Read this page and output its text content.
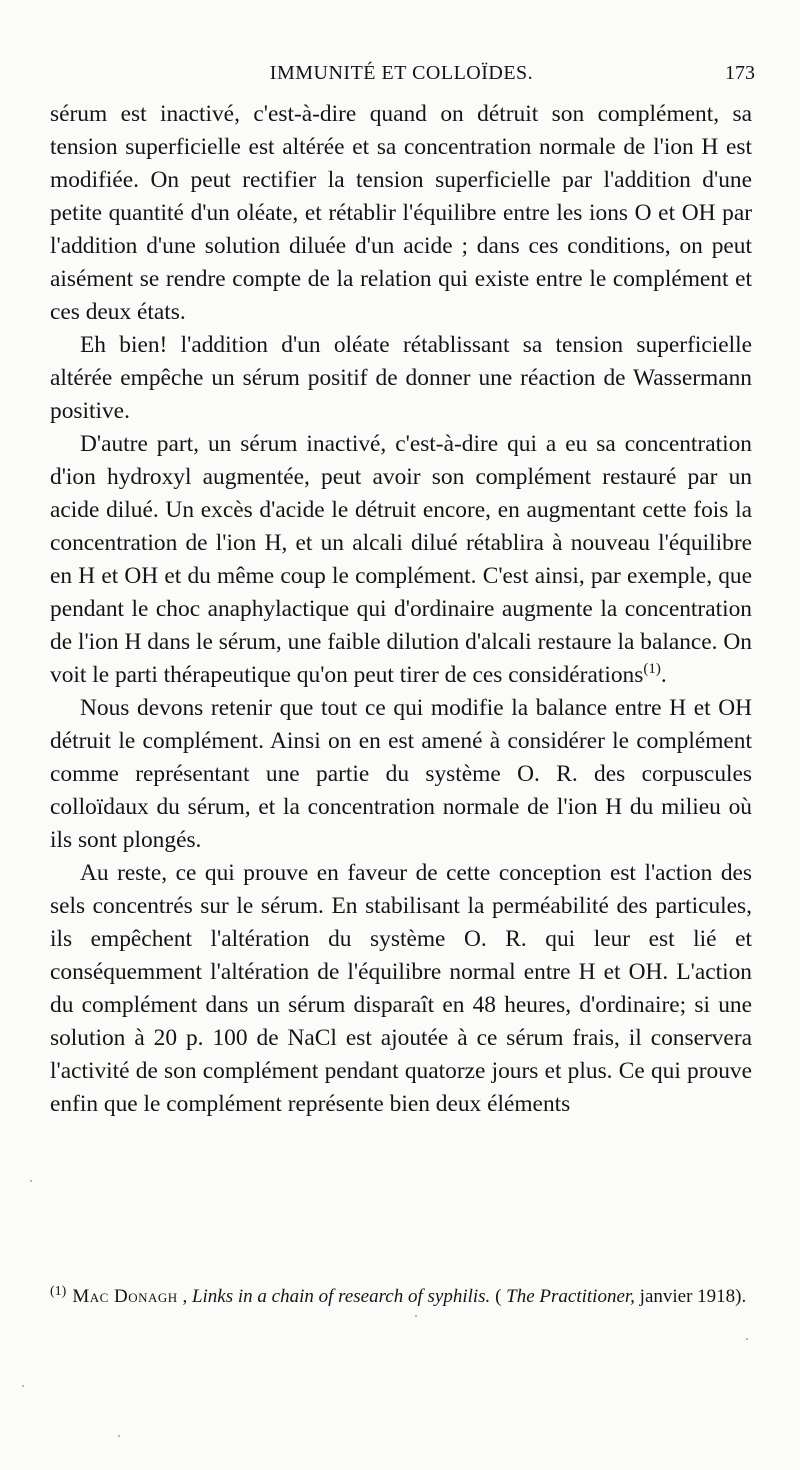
IMMUNITÉ ET COLLOÏDES.	173

sérum est inactivé, c'est-à-dire quand on détruit son complément, sa tension superficielle est altérée et sa concentration normale de l'ion H est modifiée. On peut rectifier la tension superficielle par l'addition d'une petite quantité d'un oléate, et rétablir l'équilibre entre les ions O et OH par l'addition d'une solution diluée d'un acide ; dans ces conditions, on peut aisément se rendre compte de la relation qui existe entre le complément et ces deux états.

Eh bien! l'addition d'un oléate rétablissant sa tension superficielle altérée empêche un sérum positif de donner une réaction de Wassermann positive.

D'autre part, un sérum inactivé, c'est-à-dire qui a eu sa concentration d'ion hydroxyl augmentée, peut avoir son complément restauré par un acide dilué. Un excès d'acide le détruit encore, en augmentant cette fois la concentration de l'ion H, et un alcali dilué rétablira à nouveau l'équilibre en H et OH et du même coup le complément. C'est ainsi, par exemple, que pendant le choc anaphylactique qui d'ordinaire augmente la concentration de l'ion H dans le sérum, une faible dilution d'alcali restaure la balance. On voit le parti thérapeutique qu'on peut tirer de ces considérations$^{(1)}$.

Nous devons retenir que tout ce qui modifie la balance entre H et OH détruit le complément. Ainsi on en est amené à considérer le complément comme représentant une partie du système O. R. des corpuscules colloïdaux du sérum, et la concentration normale de l'ion H du milieu où ils sont plongés.

Au reste, ce qui prouve en faveur de cette conception est l'action des sels concentrés sur le sérum. En stabilisant la perméabilité des particules, ils empêchent l'altération du système O. R. qui leur est lié et conséquemment l'altération de l'équilibre normal entre H et OH. L'action du complément dans un sérum disparaît en 48 heures, d'ordinaire; si une solution à 20 p. 100 de NaCl est ajoutée à ce sérum frais, il conservera l'activité de son complément pendant quatorze jours et plus. Ce qui prouve enfin que le complément représente bien deux éléments

$^{(1)}$ Mac Donagh , Links in a chain of research of syphilis. ( The Practitioner, janvier 1918).
